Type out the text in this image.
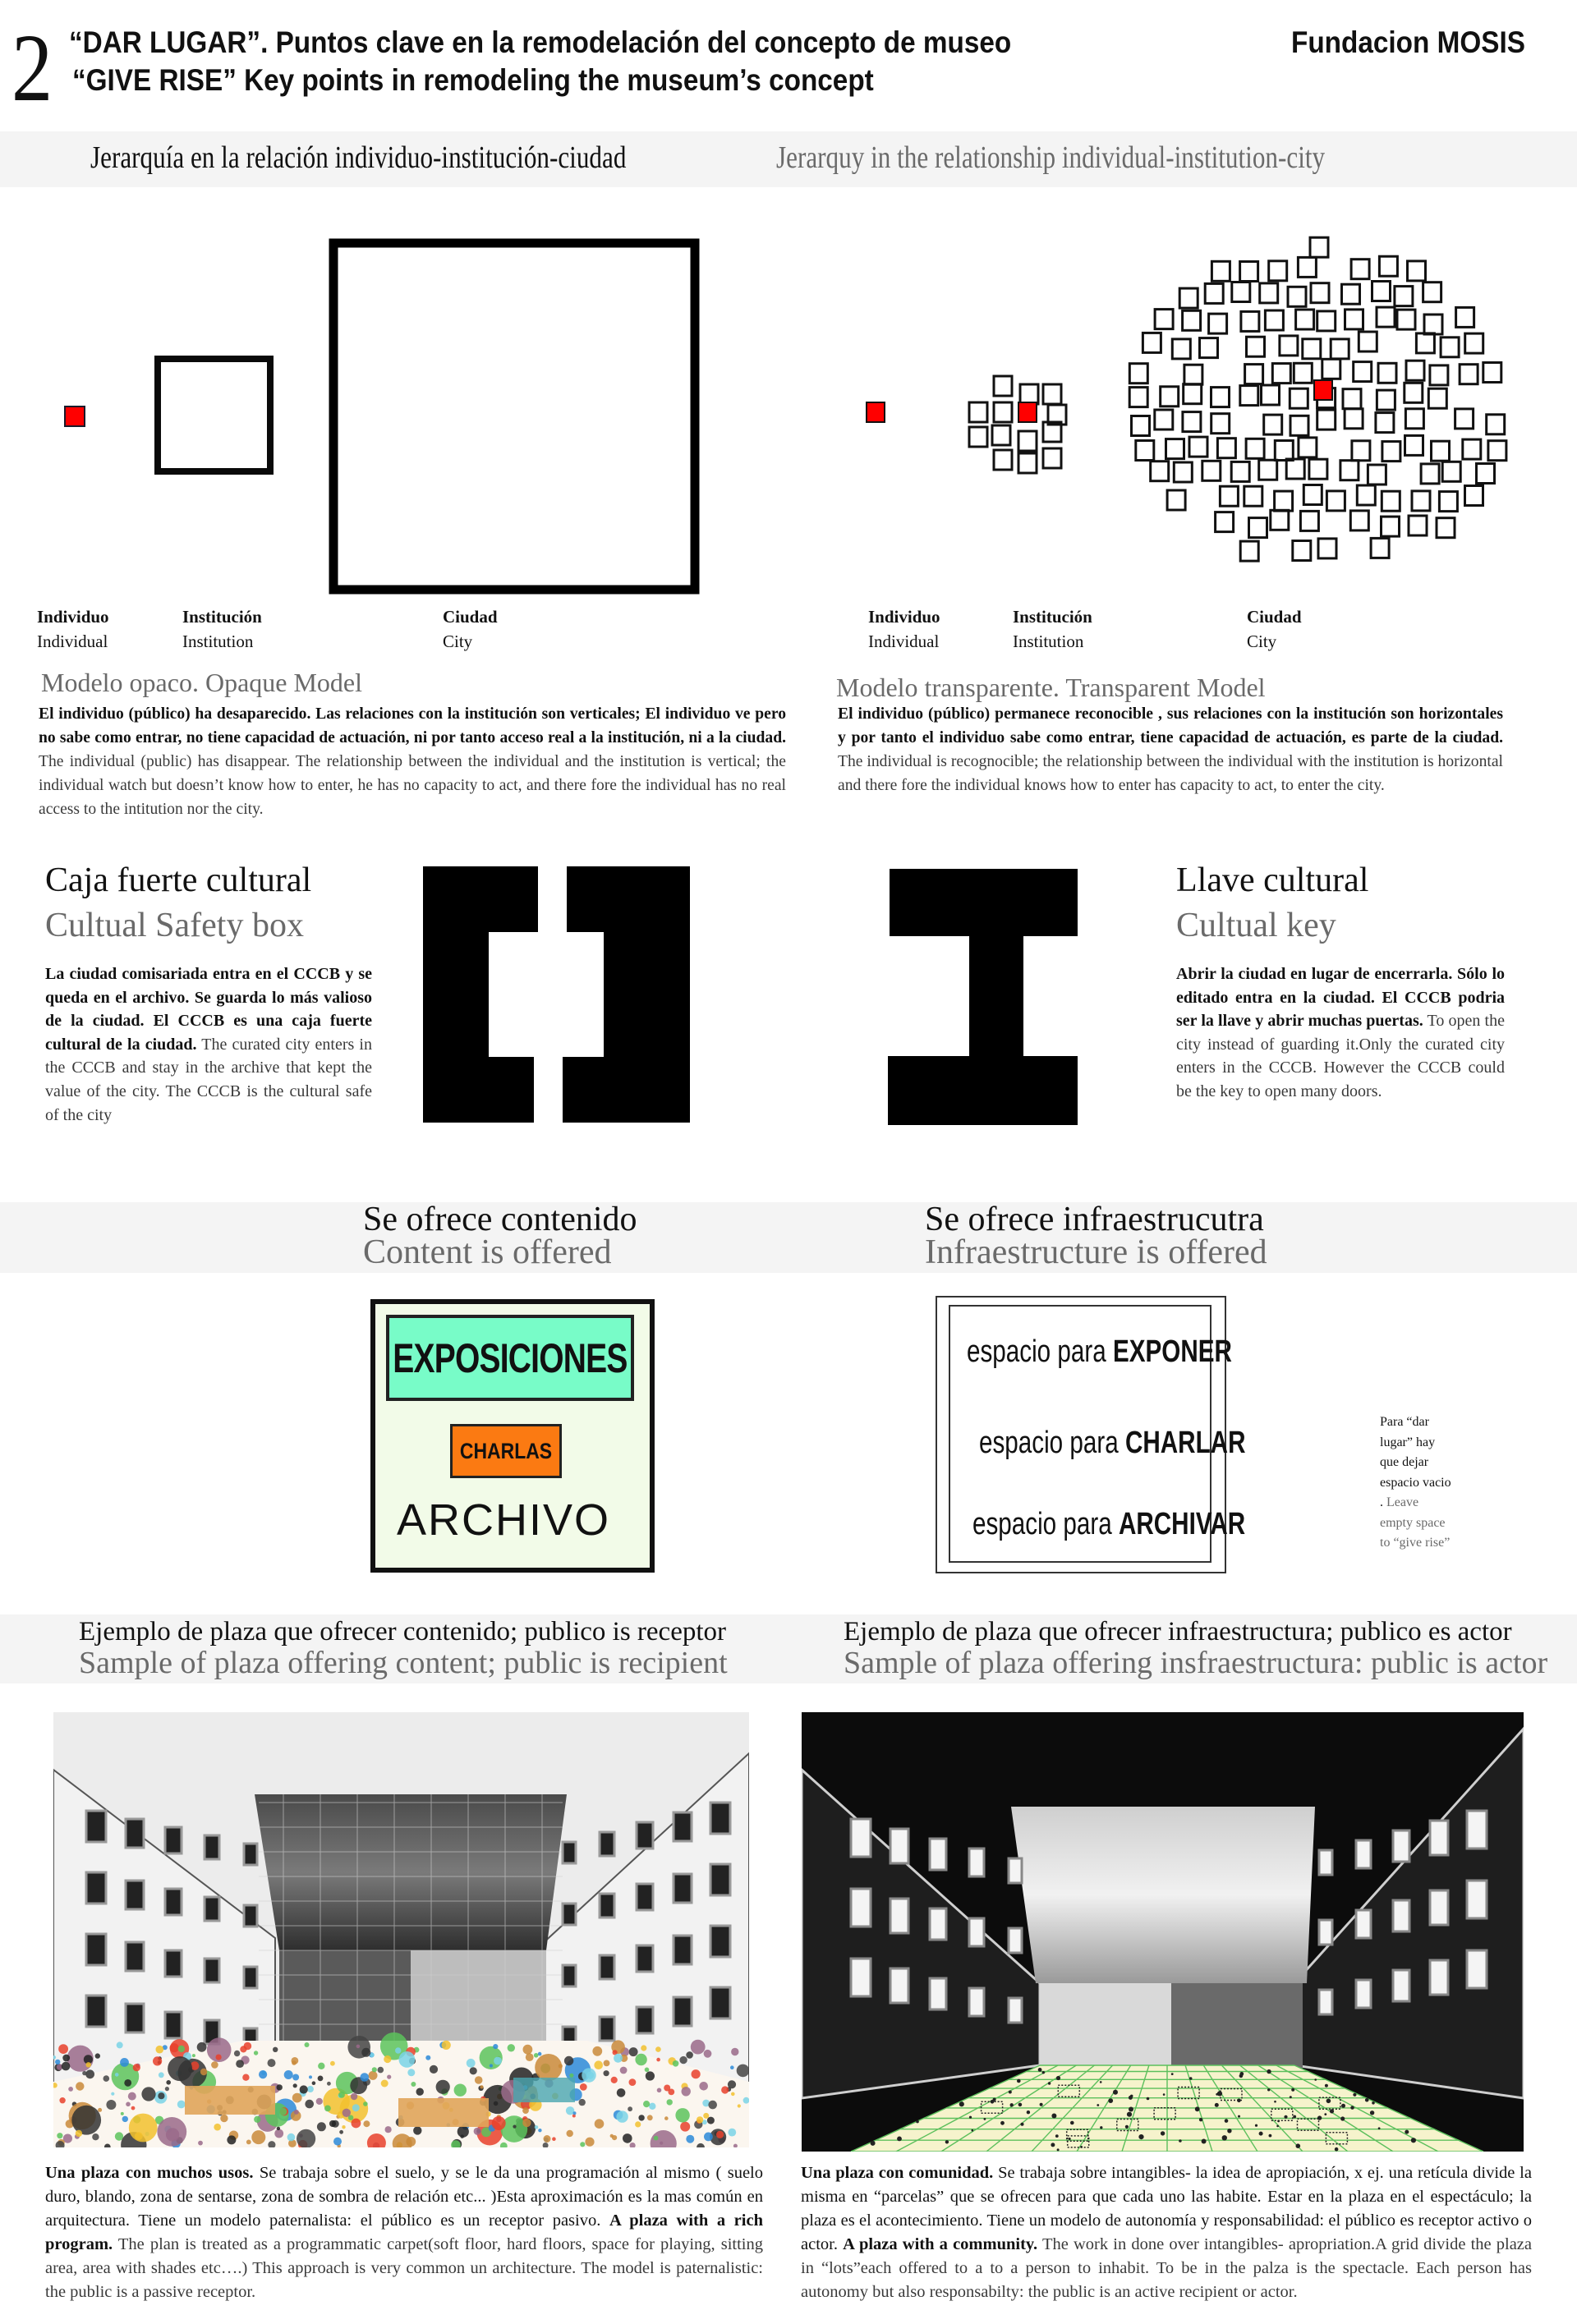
2 “DAR LUGAR”. Puntos clave en la remodelación del concepto de museo
“GIVE RISE” Key points in remodeling the museum’s concept
Fundacion MOSIS
Jerarquía en la relación individuo-institución-ciudad	Jerarquy in the relationship individual-institution-city
Individuo
Individual
Institución
Institution
Ciudad
City
Modelo opaco. Opaque Model
El individuo (público) ha desaparecido. Las relaciones con la institución son verticales; El individuo ve pero no sabe como entrar, no tiene capacidad de actuación, ni por tanto acceso real a la institución, ni a la ciudad. The individual (public) has disappear. The relationship between the individual and the institution is vertical; the individual watch but doesn’t know how to enter, he has no capacity to act, and there fore the individual has no real access to the intitution nor the city.
Individuo
Individual
Institución
Institution
Ciudad
City
Modelo transparente. Transparent Model
El individuo (público) permanece reconocible , sus relaciones con la institución son horizontales y por tanto el individuo sabe como entrar, tiene capacidad de actuación, es parte de la ciudad. The individual is recognocible; the relationship between the individual with the institution is horizontal and there fore the individual knows how to enter has capacity to act, to enter the city.
Caja fuerte cultural
Cultual Safety box
La ciudad comisariada entra en el CCCB y se queda en el archivo. Se guarda lo más valioso de la ciudad. El CCCB es una caja fuerte cultural de la ciudad. The curated city enters in the CCCB and stay in the archive that kept the value of the city. The CCCB is the cultural safe of the city
Llave cultural
Cultual key
Abrir la ciudad en lugar de encerrarla. Sólo lo editado entra en la ciudad. El CCCB podria ser la llave y abrir muchas puertas. To open the city instead of guarding it.Only the curated city enters in the CCCB. However the CCCB could be the key to open many doors.
Se ofrece contenido
Content is offered
Se ofrece infraestrucutra
Infraestructure is offered
EXPOSICIONES
CHARLAS
ARCHIVO
espacio para EXPONER
espacio para CHARLAR
espacio para ARCHIVAR
Para “dar lugar” hay que dejar espacio vacio . Leave empty space to “give rise”
Ejemplo de plaza que ofrecer contenido; publico is receptor
Sample of plaza offering content; public is recipient
Ejemplo de plaza que ofrecer infraestructura; publico es actor
Sample of plaza offering insfraestructura: public is actor
Una plaza con muchos usos. Se trabaja sobre el suelo, y se le da una programación al mismo ( suelo duro, blando, zona de sentarse, zona de sombra de relación etc... )Esta aproximación es la mas común en arquitectura. Tiene un modelo paternalista: el público es un receptor pasivo. A plaza with a rich program. The plan is treated as a programmatic carpet(soft floor, hard floors, space for playing, sitting area, area with shades etc….) This approach is very common un architecture. The model is paternalistic: the public is a passive receptor.
Una plaza con comunidad. Se trabaja sobre intangibles- la idea de apropiación, x ej. una retícula divide la misma en “parcelas” que se ofrecen para que cada uno las habite. Estar en la plaza en el espectáculo; la plaza es el acontecimiento. Tiene un modelo de autonomía y responsabilidad: el público es receptor activo o actor. A plaza with a community. The work in done over intangibles- apropriation.A grid divide the plaza in “lots”each offered to a to a person to inhabit. To be in the palza is the spectacle. Each person has autonomy but also responsabilty: the public is an active recipient or actor.
